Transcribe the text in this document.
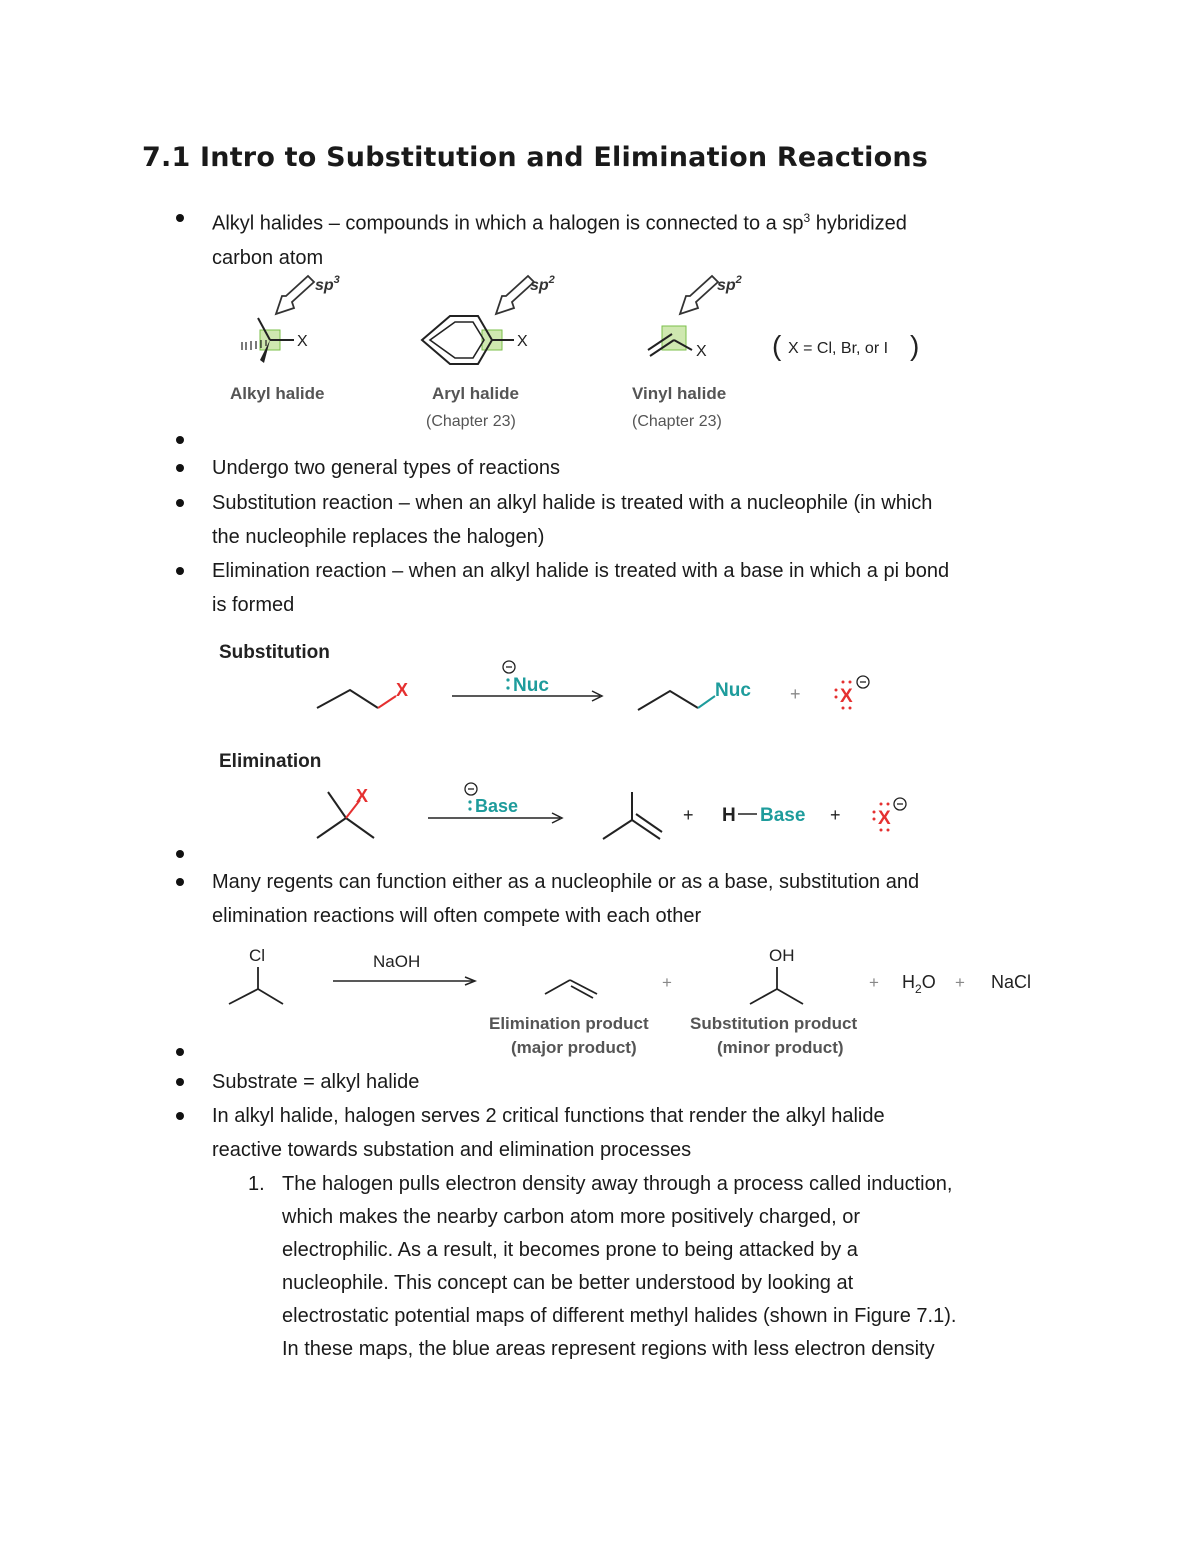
7.1 Intro to Substitution and Elimination Reactions
Alkyl halides – compounds in which a halogen is connected to a $sp^3$ hybridized
carbon atom
X
$sp^3$
Alkyl halide
X
$sp^2$
Aryl halide
(Chapter 23)
X
$sp^2$
Vinyl halide
(Chapter 23)
( X = Cl, Br, or I )
Undergo two general types of reactions
Substitution reaction – when an alkyl halide is treated with a nucleophile (in which
the nucleophile replaces the halogen)
Elimination reaction – when an alkyl halide is treated with a base in which a pi bond
is formed
Substitution
X	Nuc	Nuc + X
Elimination
X	Base	+ H Base + X
Many regents can function either as a nucleophile or as a base, substitution and
elimination reactions will often compete with each other
Cl	NaOH
+
OH
+ $H_2O$ + NaCl
Elimination product
(major product)
Substitution product
(minor product)
Substrate = alkyl halide
In alkyl halide, halogen serves 2 critical functions that render the alkyl halide
reactive towards substation and elimination processes
1. The halogen pulls electron density away through a process called induction,
which makes the nearby carbon atom more positively charged, or
electrophilic. As a result, it becomes prone to being attacked by a
nucleophile. This concept can be better understood by looking at
electrostatic potential maps of different methyl halides (shown in Figure 7.1).
In these maps, the blue areas represent regions with less electron density
